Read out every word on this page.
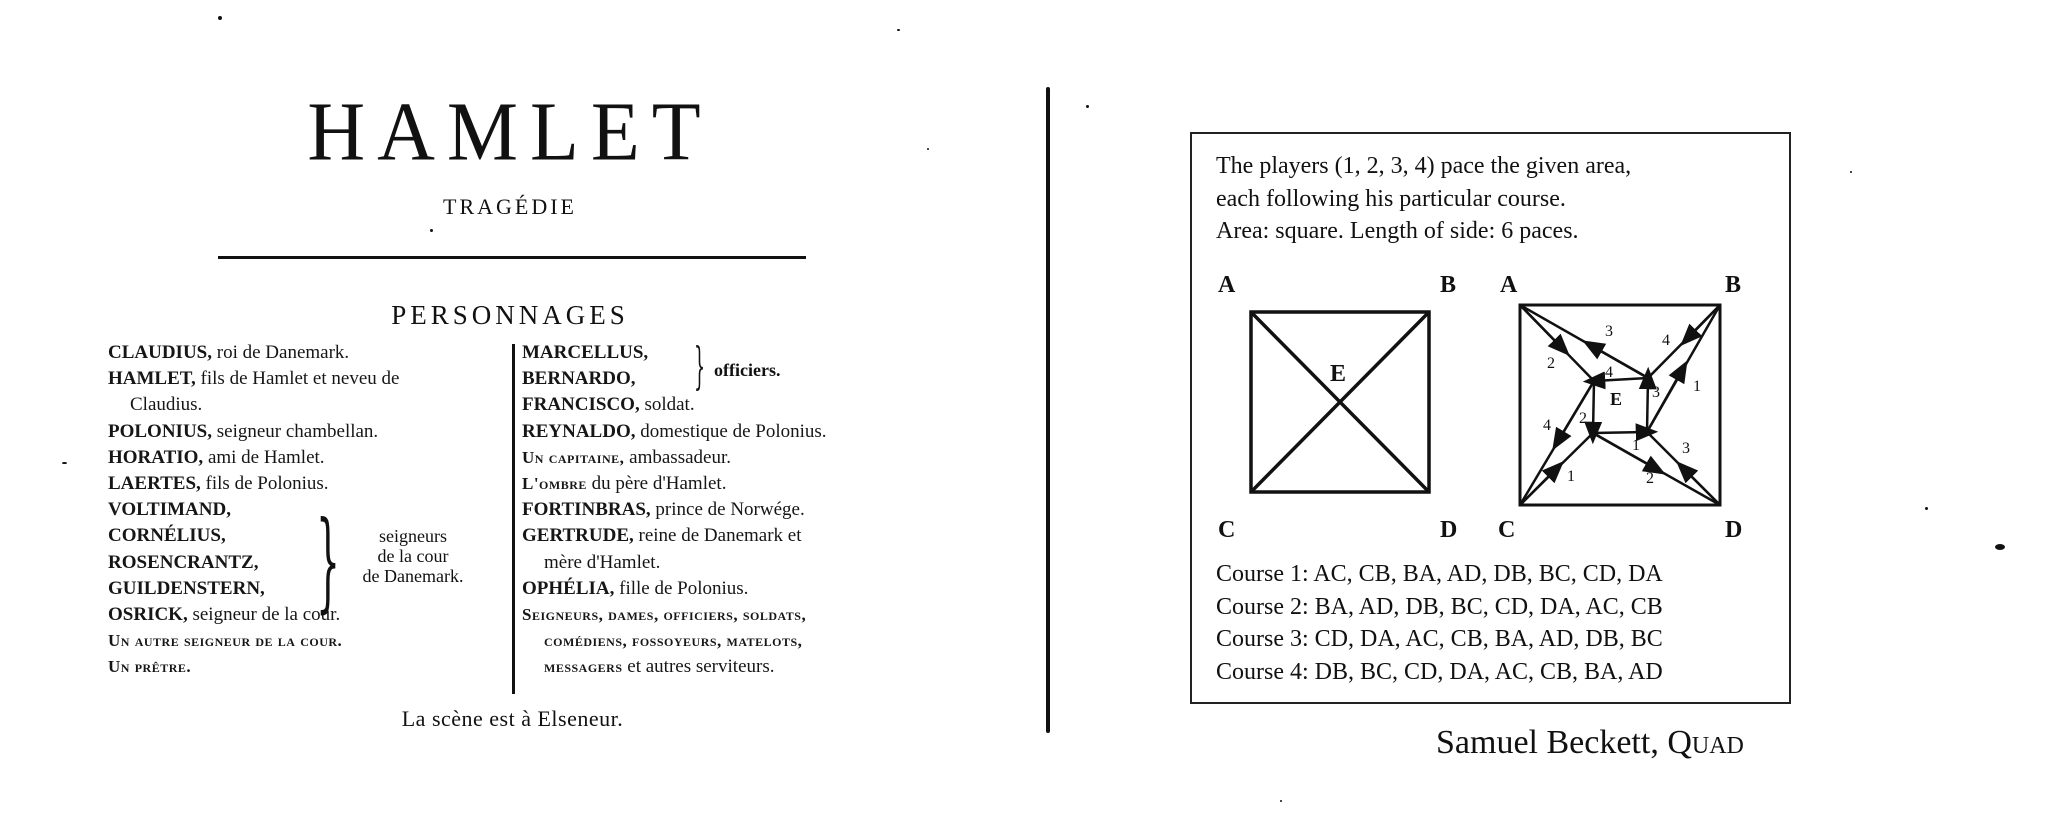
HAMLET
TRAGÉDIE
PERSONNAGES
CLAUDIUS, roi de Danemark.
HAMLET, fils de Hamlet et neveu de
Claudius.
POLONIUS, seigneur chambellan.
HORATIO, ami de Hamlet.
LAERTES, fils de Polonius.
VOLTIMAND,
CORNÉLIUS,
ROSENCRANTZ,
GUILDENSTERN,
OSRICK, seigneur de la cour.
Un autre seigneur de la cour.
Un prêtre.
}	seigneurs
de la cour
de Danemark.
MARCELLUS,
BERNARDO,
FRANCISCO, soldat.
REYNALDO, domestique de Polonius.
Un capitaine, ambassadeur.
L'ombre du père d'Hamlet.
FORTINBRAS, prince de Norwége.
GERTRUDE, reine de Danemark et
mère d'Hamlet.
OPHÉLIA, fille de Polonius.
Seigneurs, dames, officiers, soldats,
comédiens, fossoyeurs, matelots,
messagers et autres serviteurs.
} officiers.
La scène est à Elseneur.
The players (1, 2, 3, 4) pace the given area,
each following his particular course.
Area: square. Length of side: 6 paces.
A	B
C	D
E
A	B
C	D
E
3
4
2
4
3 1
4 2
1	3
1	2
Course 1: AC, CB, BA, AD, DB, BC, CD, DA
Course 2: BA, AD, DB, BC, CD, DA, AC, CB
Course 3: CD, DA, AC, CB, BA, AD, DB, BC
Course 4: DB, BC, CD, DA, AC, CB, BA, AD
Samuel Beckett, Quad
